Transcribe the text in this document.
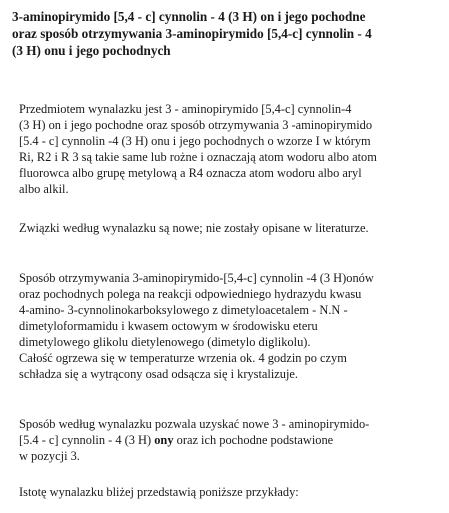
3-aminopirymido [5,4 - c] cynnolin - 4 (3 H) on i jego pochodne
oraz sposób otrzymywania 3-aminopirymido [5,4-c] cynnolin - 4
(3 H) onu i jego pochodnych

Przedmiotem wynalazku jest 3 - aminopirymido [5,4-c] cynnolin-4
(3 H) on i jego pochodne oraz sposób otrzymywania 3 -aminopirymido
[5.4 - c] cynnolin -4 (3 H) onu i jego pochodnych o wzorze I w którym
Ri, R2 i R 3 są takie same lub rożne i oznaczają atom wodoru albo atom
fluorowca albo grupę metylową a R4 oznacza atom wodoru albo aryl
albo alkil.

Związki według wynalazku są nowe; nie zostały opisane w literaturze.

Sposób otrzymywania 3-aminopirymido-[5,4-c] cynnolin -4 (3 H)onów
oraz pochodnych polega na reakcji odpowiedniego hydrazydu kwasu
4-amino- 3-cynnolinokarboksylowego z dimetyloacetalem - N.N -
dimetyloformamidu i kwasem octowym w środowisku eteru
dimetylowego glikolu dietylenowego (dimetylo diglikolu).
Całość ogrzewa się w temperaturze wrzenia ok. 4 godzin po czym
schładza się a wytrącony osad odsącza się i krystalizuje.

Sposób według wynalazku pozwala uzyskać nowe 3 - aminopirymido-
[5.4 - c] cynnolin - 4 (3 H) ony oraz ich pochodne podstawione
w pozycji 3.

Istotę wynalazku bliżej przedstawią poniższe przykłady:
